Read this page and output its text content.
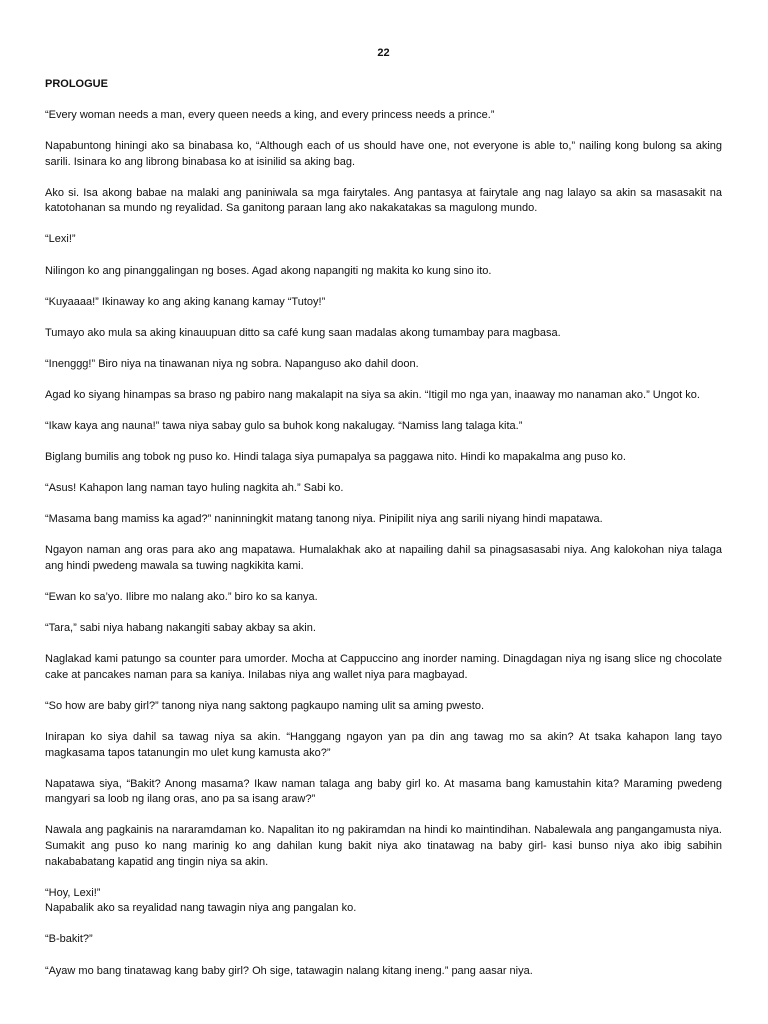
22
PROLOGUE

“Every woman needs a man, every queen needs a king, and every princess needs a prince.”

Napabuntong hiningi ako sa binabasa ko, “Although each of us should have one, not everyone is able to,” nailing kong bulong sa aking sarili. Isinara ko ang librong binabasa ko at isinilid sa aking bag.

Ako si. Isa akong babae na malaki ang paniniwala sa mga fairytales. Ang pantasya at fairytale ang nag lalayo sa akin sa masasakit na katotohanan sa mundo ng reyalidad. Sa ganitong paraan lang ako nakakatakas sa magulong mundo.

“Lexi!”

Nilingon ko ang pinanggalingan ng boses. Agad akong napangiti ng makita ko kung sino ito.

“Kuyaaaa!” Ikinaway ko ang aking kanang kamay “Tutoy!”

Tumayo ako mula sa aking kinauupuan ditto sa café kung saan madalas akong tumambay para magbasa.

“Inenggg!” Biro niya na tinawanan niya ng sobra. Napanguso ako dahil doon.

Agad ko siyang hinampas sa braso ng pabiro nang makalapit na siya sa akin. “Itigil mo nga yan, inaaway mo nanaman ako.” Ungot ko.

“Ikaw kaya ang nauna!” tawa niya sabay gulo sa buhok kong nakalugay. “Namiss lang talaga kita.”

Biglang bumilis ang tobok ng puso ko. Hindi talaga siya pumapalya sa paggawa nito. Hindi ko mapakalma ang puso ko.

“Asus! Kahapon lang naman tayo huling nagkita ah.” Sabi ko.

“Masama bang mamiss ka agad?” naninningkit matang tanong niya. Pinipilit niya ang sarili niyang hindi mapatawa.

Ngayon naman ang oras para ako ang mapatawa. Humalakhak ako at napailing dahil sa pinagsasasabi niya. Ang kalokohan niya talaga ang hindi pwedeng mawala sa tuwing nagkikita kami.

“Ewan ko sa’yo. Ilibre mo nalang ako.” biro ko sa kanya.

“Tara,” sabi niya habang nakangiti sabay akbay sa akin.

Naglakad kami patungo sa counter para umorder. Mocha at Cappuccino ang inorder naming. Dinagdagan niya ng isang slice ng chocolate cake at pancakes naman para sa kaniya. Inilabas niya ang wallet niya para magbayad.

“So how are baby girl?” tanong niya nang saktong pagkaupo naming ulit sa aming pwesto.

Inirapan ko siya dahil sa tawag niya sa akin. “Hanggang ngayon yan pa din ang tawag mo sa akin? At tsaka kahapon lang tayo magkasama tapos tatanungin mo ulet kung kamusta ako?”

Napatawa siya, “Bakit? Anong masama? Ikaw naman talaga ang baby girl ko. At masama bang kamustahin kita? Maraming pwedeng mangyari sa loob ng ilang oras, ano pa sa isang araw?”

Nawala ang pagkainis na nararamdaman ko. Napalitan ito ng pakiramdan na hindi ko maintindihan. Nabalewala ang pangangamusta niya. Sumakit ang puso ko nang marinig ko ang dahilan kung bakit niya ako tinatawag na baby girl- kasi bunso niya ako ibig sabihin nakababatang kapatid ang tingin niya sa akin.

“Hoy, Lexi!”

Napabalik ako sa reyalidad nang tawagin niya ang pangalan ko.

“B-bakit?”

“Ayaw mo bang tinatawag kang baby girl? Oh sige, tatawagin nalang kitang ineng.” pang aasar niya.
